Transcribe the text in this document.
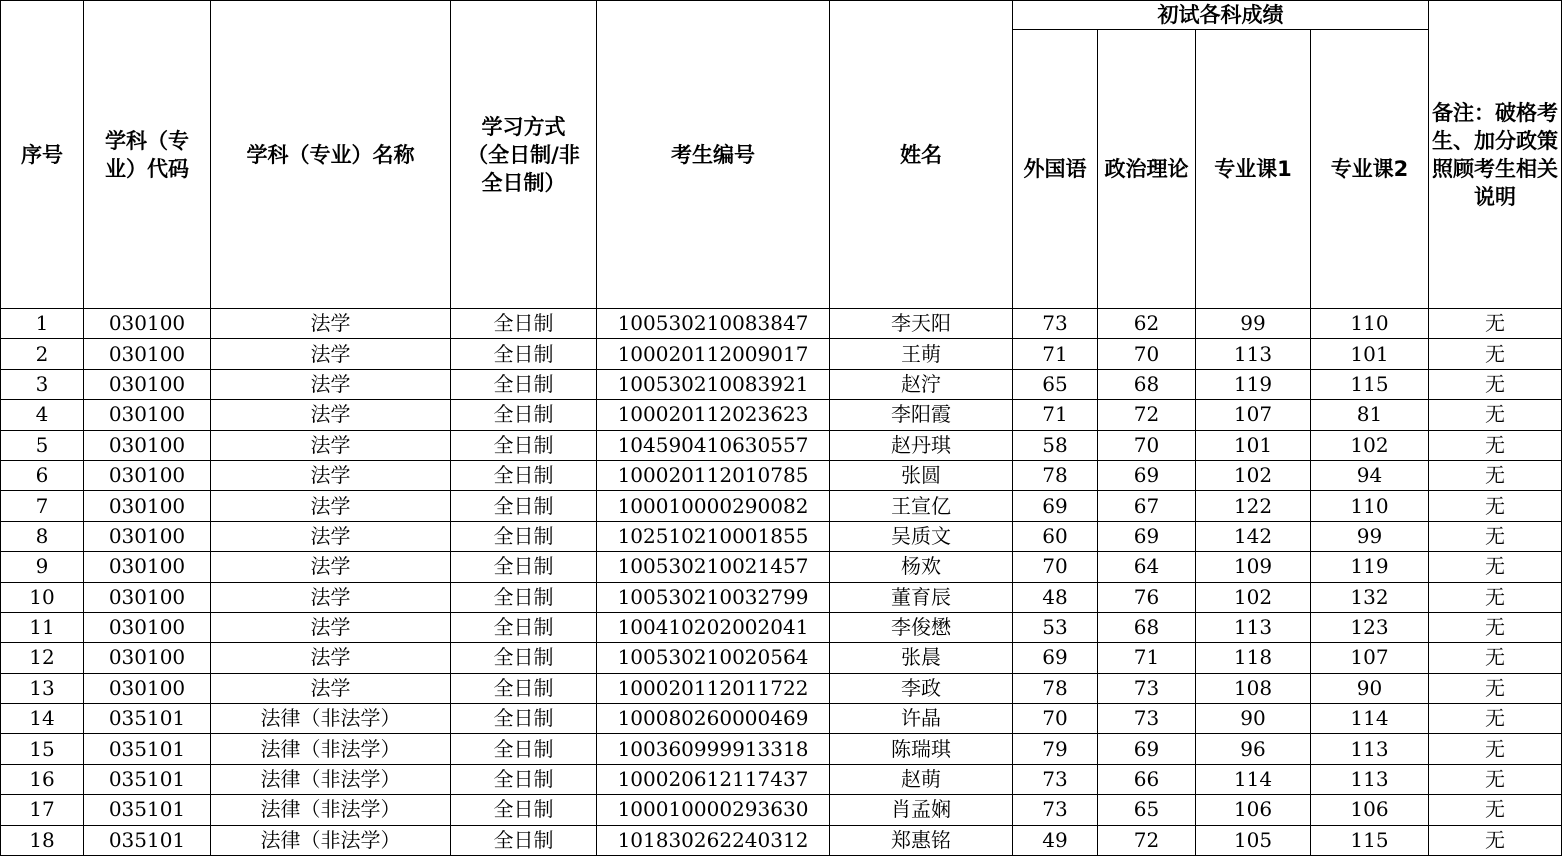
序号	学科（专业）代码	学科（专业）名称	学习方式（全日制/非全日制）	考生编号	姓名	初试各科成绩				备注：破格考生、加分政策照顾考生相关说明
						外国语	政治理论	专业课1	专业课2	
1	030100	法学	全日制	100530210083847	李天阳	73	62	99	110	无
2	030100	法学	全日制	100020112009017	王萌	71	70	113	101	无
3	030100	法学	全日制	100530210083921	赵泞	65	68	119	115	无
4	030100	法学	全日制	100020112023623	李阳霞	71	72	107	81	无
5	030100	法学	全日制	104590410630557	赵丹琪	58	70	101	102	无
6	030100	法学	全日制	100020112010785	张圆	78	69	102	94	无
7	030100	法学	全日制	100010000290082	王宣亿	69	67	122	110	无
8	030100	法学	全日制	102510210001855	吴质文	60	69	142	99	无
9	030100	法学	全日制	100530210021457	杨欢	70	64	109	119	无
10	030100	法学	全日制	100530210032799	董育辰	48	76	102	132	无
11	030100	法学	全日制	100410202002041	李俊懋	53	68	113	123	无
12	030100	法学	全日制	100530210020564	张晨	69	71	118	107	无
13	030100	法学	全日制	100020112011722	李政	78	73	108	90	无
14	035101	法律（非法学）	全日制	100080260000469	许晶	70	73	90	114	无
15	035101	法律（非法学）	全日制	100360999913318	陈瑞琪	79	69	96	113	无
16	035101	法律（非法学）	全日制	100020612117437	赵萌	73	66	114	113	无
17	035101	法律（非法学）	全日制	100010000293630	肖孟娴	73	65	106	106	无
18	035101	法律（非法学）	全日制	101830262240312	郑惠铭	49	72	105	115	无
